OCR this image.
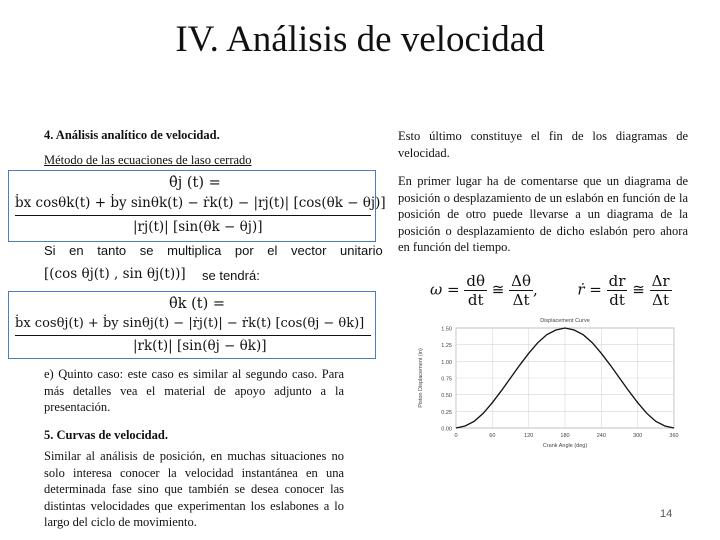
IV. Análisis de velocidad
4. Análisis analítico de velocidad.
Método de las ecuaciones de laso cerrado
θ̇j (t) =
ḃx cosθk(t) + ḃy sinθk(t) − ṙk(t) − |rj(t)| [cos(θk − θj)]
|rj(t)| [sin(θk − θj)]
Si en tanto se multiplica por el vector unitario
[(cos θj(t) , sin θj(t))] se tendrá:
θ̇k (t) =
ḃx cosθj(t) + ḃy sinθj(t) − |ṙj(t)| − ṙk(t) [cos(θj − θk)]
|rk(t)| [sin(θj − θk)]
e) Quinto caso: este caso es similar al segundo caso. Para más detalles vea el material de apoyo adjunto a la presentación.
5. Curvas de velocidad.
Similar al análisis de posición, en muchas situaciones no solo interesa conocer la velocidad instantánea en una determinada fase sino que también se desea conocer las distintas velocidades que experimentan los eslabones a lo largo del ciclo de movimiento.
Esto último constituye el fin de los diagramas de velocidad.
En primer lugar ha de comentarse que un diagrama de posición o desplazamiento de un eslabón en función de la posición de otro puede llevarse a un diagrama de la posición o desplazamiento de dicho eslabón pero ahora en función del tiempo.
$\omega = \frac{d\theta}{dt}$ ≅ $\frac{\Delta\theta}{\Delta t}$ ,	ṙ = $\frac{dr}{dt}$ ≅ $\frac{\Delta r}{\Delta t}$
1.50
1.25
1.00
0.75
0.50
0.25
0.00
0	60	120	180	240	300	360
Displacement Curve
Crank Angle (deg)
Piston Displacement (in)
14
